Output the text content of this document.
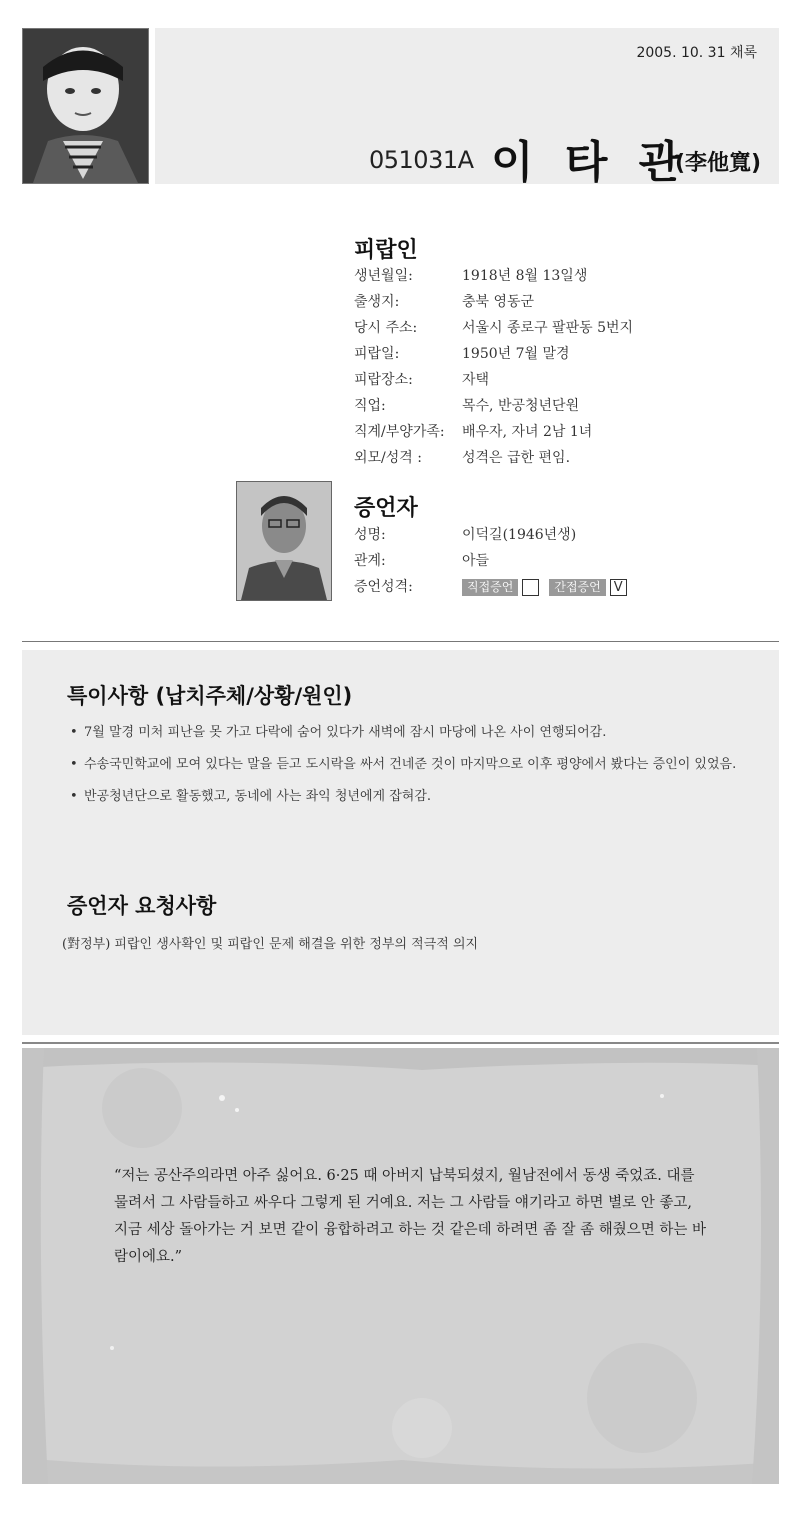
2005. 10. 31 채록
051031A 이 타 관
(李他寬)
피랍인
생년월일:	1918년 8월 13일생
출생지:	충북 영동군
당시 주소:	서울시 종로구 팔판동 5번지
피랍일:	1950년 7월 말경
피랍장소:	자택
직업:	목수, 반공청년단원
직계/부양가족:	배우자, 자녀 2남 1녀
외모/성격 :	성격은 급한 편임.
증언자
성명:	이덕길(1946년생)
관계:	아들
증언성격:	직접증언	간접증언 V
특이사항 (납치주체/상황/원인)
• 7월 말경 미처 피난을 못 가고 다락에 숨어 있다가 새벽에 잠시 마당에 나온 사이 연행되어감.
• 수송국민학교에 모여 있다는 말을 듣고 도시락을 싸서 건네준 것이 마지막으로 이후 평양에서 봤다는 증인이 있었음.
• 반공청년단으로 활동했고, 동네에 사는 좌익 청년에게 잡혀감.
증언자 요청사항
(對정부) 피랍인 생사확인 및 피랍인 문제 해결을 위한 정부의 적극적 의지
“저는 공산주의라면 아주 싫어요. 6·25 때 아버지 납북되셨지, 월남전에서 동생 죽었죠. 대를 물려서 그 사람들하고 싸우다 그렇게 된 거예요. 저는 그 사람들 얘기라고 하면 별로 안 좋고, 지금 세상 돌아가는 거 보면 같이 융합하려고 하는 것 같은데 하려면 좀 잘 좀 해줬으면 하는 바람이에요.”
